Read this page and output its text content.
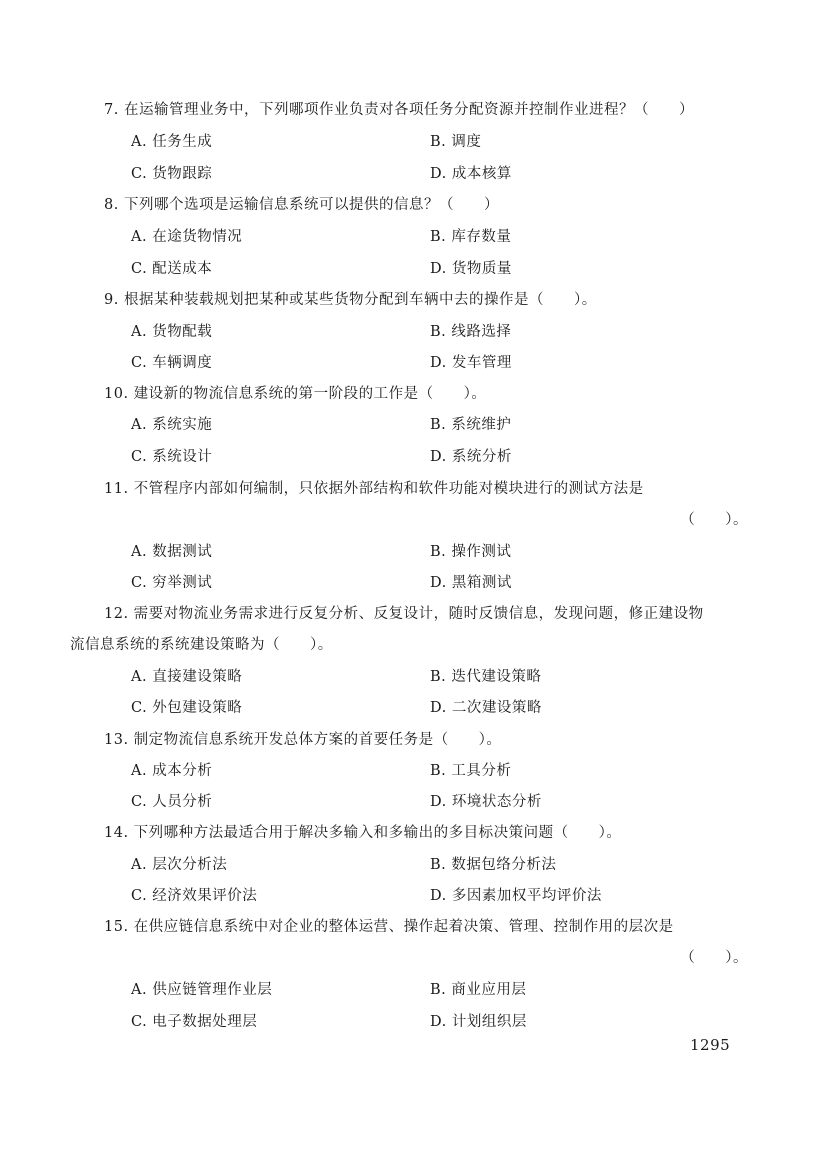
7. 在运输管理业务中，下列哪项作业负责对各项任务分配资源并控制作业进程？（　　）
A. 任务生成	B. 调度
C. 货物跟踪	D. 成本核算
8. 下列哪个选项是运输信息系统可以提供的信息？（　　）
A. 在途货物情况	B. 库存数量
C. 配送成本	D. 货物质量
9. 根据某种装载规划把某种或某些货物分配到车辆中去的操作是（　　）。
A. 货物配载	B. 线路选择
C. 车辆调度	D. 发车管理
10. 建设新的物流信息系统的第一阶段的工作是（　　）。
A. 系统实施	B. 系统维护
C. 系统设计	D. 系统分析
11. 不管程序内部如何编制，只依据外部结构和软件功能对模块进行的测试方法是
（　　）。
A. 数据测试	B. 操作测试
C. 穷举测试	D. 黑箱测试
12. 需要对物流业务需求进行反复分析、反复设计，随时反馈信息，发现问题，修正建设物
流信息系统的系统建设策略为（　　）。
A. 直接建设策略	B. 迭代建设策略
C. 外包建设策略	D. 二次建设策略
13. 制定物流信息系统开发总体方案的首要任务是（　　）。
A. 成本分析	B. 工具分析
C. 人员分析	D. 环境状态分析
14. 下列哪种方法最适合用于解决多输入和多输出的多目标决策问题（　　）。
A. 层次分析法	B. 数据包络分析法
C. 经济效果评价法	D. 多因素加权平均评价法
15. 在供应链信息系统中对企业的整体运营、操作起着决策、管理、控制作用的层次是
（　　）。
A. 供应链管理作业层	B. 商业应用层
C. 电子数据处理层	D. 计划组织层
1295
